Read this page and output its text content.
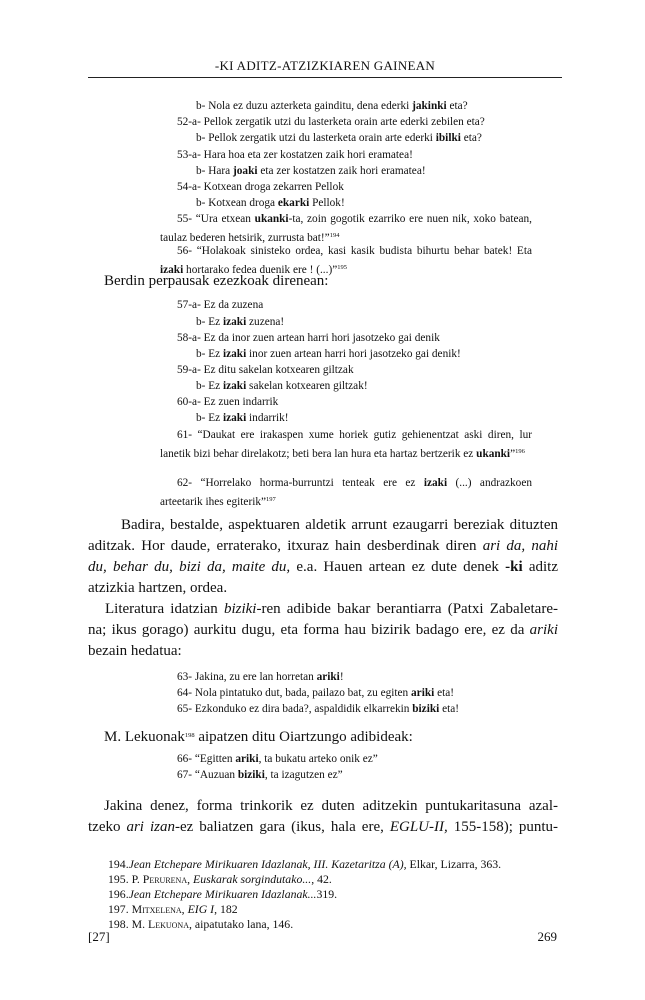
-KI ADITZ-ATZIZKIAREN GAINEAN
b- Nola ez duzu azterketa gainditu, dena ederki jakinki eta?
52-a- Pellok zergatik utzi du lasterketa orain arte ederki zebilen eta?
b- Pellok zergatik utzi du lasterketa orain arte ederki ibilki eta?
53-a- Hara hoa eta zer kostatzen zaik hori eramatea!
b- Hara joaki eta zer kostatzen zaik hori eramatea!
54-a- Kotxean droga zekarren Pellok
b- Kotxean droga ekarki Pellok!
55- “Ura etxean ukanki-ta, zoin gogotik ezarriko ere nuen nik, xoko batean, taulaz bederen hetsirik, zurrusta bat!”$^{194}$
56- “Holakoak sinisteko ordea, kasi kasik budista bihurtu behar batek! Eta izaki hortarako fedea duenik ere ! (...)”$^{195}$
Berdin perpausak ezezkoak direnean:
57-a- Ez da zuzena
b- Ez izaki zuzena!
58-a- Ez da inor zuen artean harri hori jasotzeko gai denik
b- Ez izaki inor zuen artean harri hori jasotzeko gai denik!
59-a- Ez ditu sakelan kotxearen giltzak
b- Ez izaki sakelan kotxearen giltzak!
60-a- Ez zuen indarrik
b- Ez izaki indarrik!
61- “Daukat ere irakaspen xume horiek gutiz gehienentzat aski diren, lur lanetik bizi behar direlakotz; beti bera lan hura eta hartaz bertzerik ez ukanki”$^{196}$
62- “Horrelako horma-burruntzi tenteak ere ez izaki (...) andrazkoen arteetarik ihes egiterik”$^{197}$
Badira, bestalde, aspektuaren aldetik arrunt ezaugarri bereziak dituzten
aditzak. Hor daude, erraterako, itxuraz hain desberdinak diren ari da, nahi
du, behar du, bizi da, maite du, e.a. Hauen artean ez dute denek -ki aditz
atzizkia hartzen, ordea.
Literatura idatzian biziki-ren adibide bakar berantiarra (Patxi Zabaletare-
na; ikus gorago) aurkitu dugu, eta forma hau bizirik badago ere, ez da ariki
bezain hedatua:
63- Jakina, zu ere lan horretan ariki!
64- Nola pintatuko dut, bada, pailazo bat, zu egiten ariki eta!
65- Ezkonduko ez dira bada?, aspaldidik elkarrekin biziki eta!
M. Lekuonak$^{198}$ aipatzen ditu Oiartzungo adibideak:
66- “Egitten ariki, ta bukatu arteko onik ez”
67- “Auzuan biziki, ta izagutzen ez”
Jakina denez, forma trinkorik ez duten aditzekin puntukaritasuna azal-
tzeko ari izan-ez baliatzen gara (ikus, hala ere, EGLU-II, 155-158); puntu-
194.Jean Etchepare Mirikuaren Idazlanak, III. Kazetaritza (A), Elkar, Lizarra, 363.
195. P. Perurena, Euskarak sorgindutako..., 42.
196.Jean Etchepare Mirikuaren Idazlanak...319.
197. Mitxelena, EIG I, 182
198. M. Lekuona, aipatutako lana, 146.
[27]	269
